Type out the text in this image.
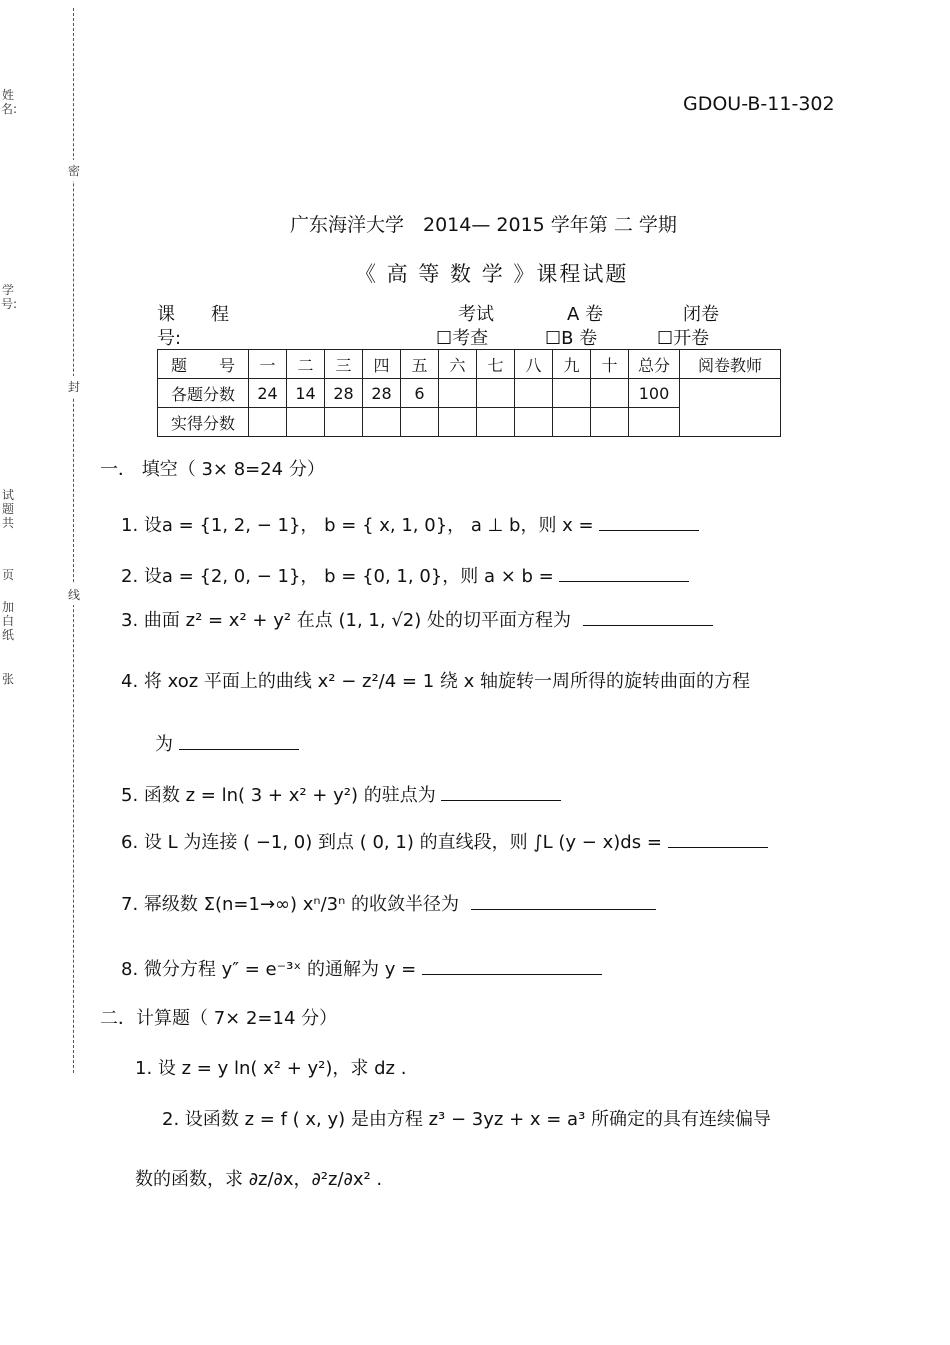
姓名:
学号:
试题共
页
加白纸
张
密
封
线
GDOU-B-11-302
广东海洋大学　2014— 2015 学年第 二 学期
《 高 等 数 学 》课程试题
课　　程
号:
考试
☐考查
A 卷
☐B 卷
闭卷
☐开卷
题　　号	一	二	三	四	五	六	七	八	九	十	总分	阅卷教师
各题分数	24	14	28	28	6						100	
实得分数												
一． 填空（ 3× 8=24 分）
1. 设a = {1, 2, − 1}， b = { x, 1, 0}， a ⊥ b，则 x =
2. 设a = {2, 0, − 1}， b = {0, 1, 0}，则 a × b =
3. 曲面 z² = x² + y² 在点 (1, 1, √2) 处的切平面方程为
4. 将 xoz 平面上的曲线 x² − z²/4 = 1 绕 x 轴旋转一周所得的旋转曲面的方程
为
5. 函数 z = ln( 3 + x² + y²) 的驻点为
6. 设 L 为连接 ( −1, 0) 到点 ( 0, 1) 的直线段，则 ∫L (y − x)ds =
7. 幂级数 Σ(n=1→∞) xⁿ/3ⁿ 的收敛半径为
8. 微分方程 y″ = e⁻³ˣ 的通解为 y =
二．计算题（ 7× 2=14 分）
1. 设 z = y ln( x² + y²)，求 dz .
2. 设函数 z = f ( x, y) 是由方程 z³ − 3yz + x = a³ 所确定的具有连续偏导
数的函数，求 ∂z/∂x，∂²z/∂x² .
